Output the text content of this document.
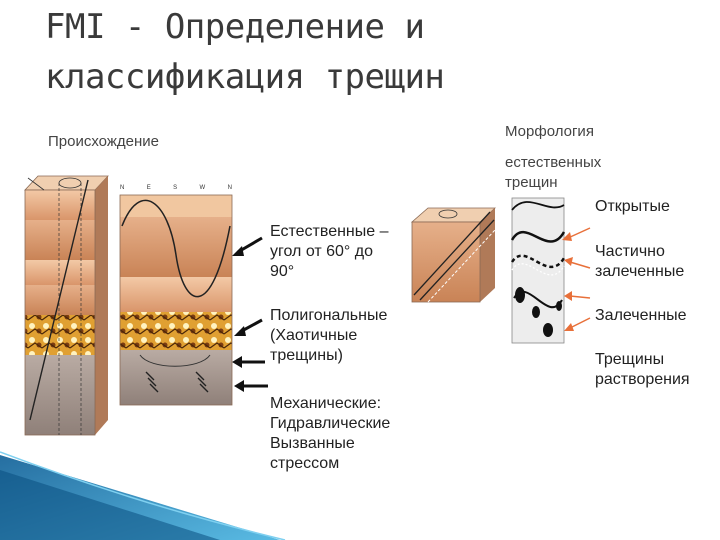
FMI - Определение и
классификация трещин
Происхождение
N	E	S	W	N
Естественные –
угол от 60° до
90°
Полигональные
(Хаотичные
трещины)
Механические:
Гидравлические
Вызванные
стрессом
Морфология
естественных
трещин
Открытые
Частично
залеченные
Залеченные
Трещины
растворения
